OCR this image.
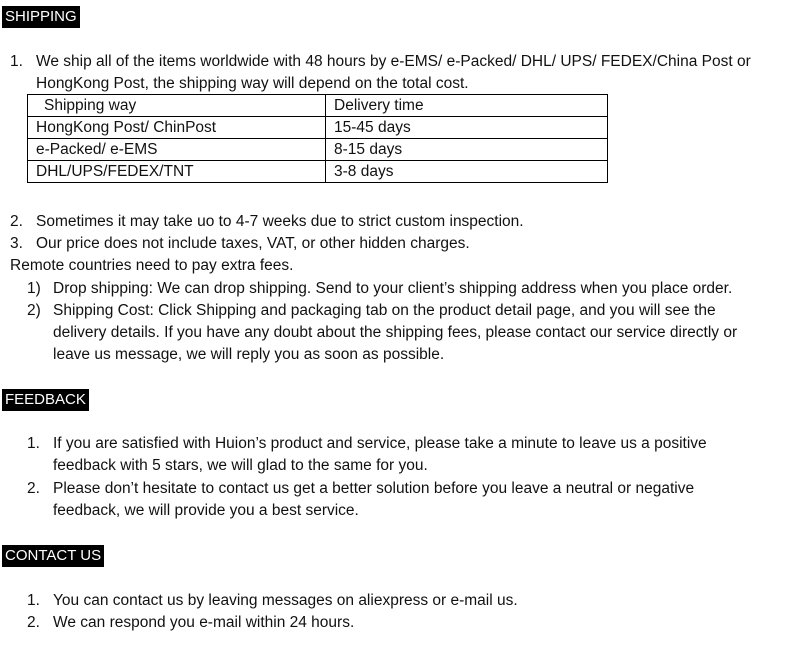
SHIPPING
1. We ship all of the items worldwide with 48 hours by e-EMS/ e-Packed/ DHL/ UPS/ FEDEX/China Post or
HongKong Post, the shipping way will depend on the total cost.
Shipping way	Delivery time
HongKong Post/ ChinPost	15-45 days
e-Packed/ e-EMS	8-15 days
DHL/UPS/FEDEX/TNT	3-8 days
2. Sometimes it may take uo to 4-7 weeks due to strict custom inspection.
3. Our price does not include taxes, VAT, or other hidden charges.
Remote countries need to pay extra fees.
1) Drop shipping: We can drop shipping. Send to your client’s shipping address when you place order.
2) Shipping Cost: Click Shipping and packaging tab on the product detail page, and you will see the
delivery details. If you have any doubt about the shipping fees, please contact our service directly or
leave us message, we will reply you as soon as possible.
FEEDBACK
1. If you are satisfied with Huion’s product and service, please take a minute to leave us a positive
feedback with 5 stars, we will glad to the same for you.
2. Please don’t hesitate to contact us get a better solution before you leave a neutral or negative
feedback, we will provide you a best service.
CONTACT US
1. You can contact us by leaving messages on aliexpress or e-mail us.
2. We can respond you e-mail within 24 hours.
